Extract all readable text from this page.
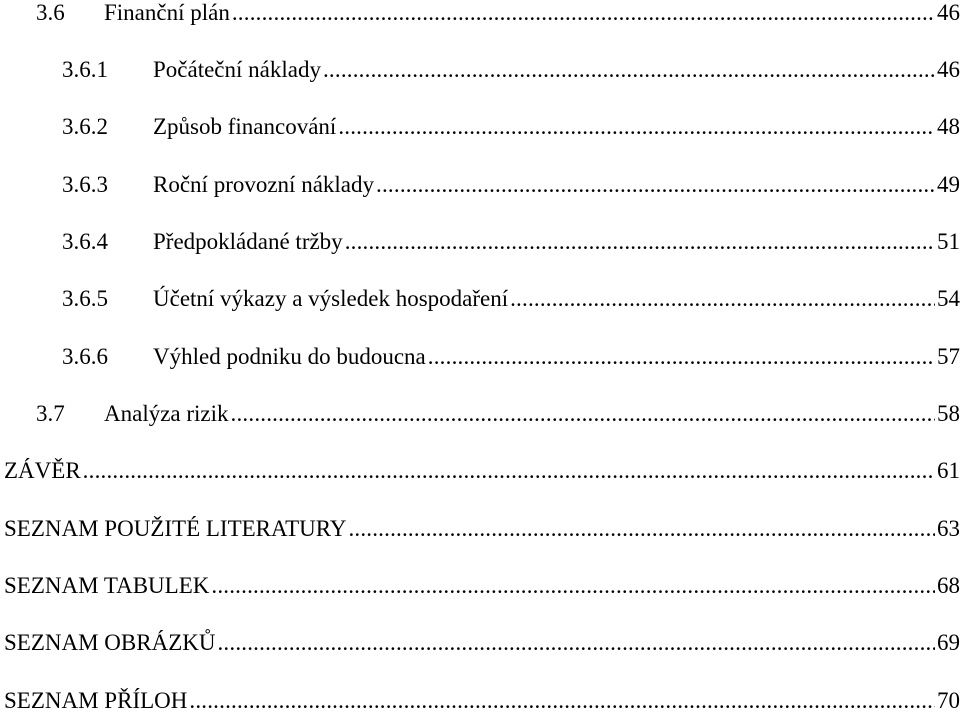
3.6	Finanční plán .....	46
3.6.1	Počáteční náklady .....	46
3.6.2	Způsob financování .....	48
3.6.3	Roční provozní náklady .....	49
3.6.4	Předpokládané tržby .....	51
3.6.5	Účetní výkazy a výsledek hospodaření .....	54
3.6.6	Výhled podniku do budoucna .....	57
3.7	Analýza rizik .....	58
ZÁVĚR .....	61
SEZNAM POUŽITÉ LITERATURY .....	63
SEZNAM TABULEK .....	68
SEZNAM OBRÁZKŮ .....	69
SEZNAM PŘÍLOH .....	70
